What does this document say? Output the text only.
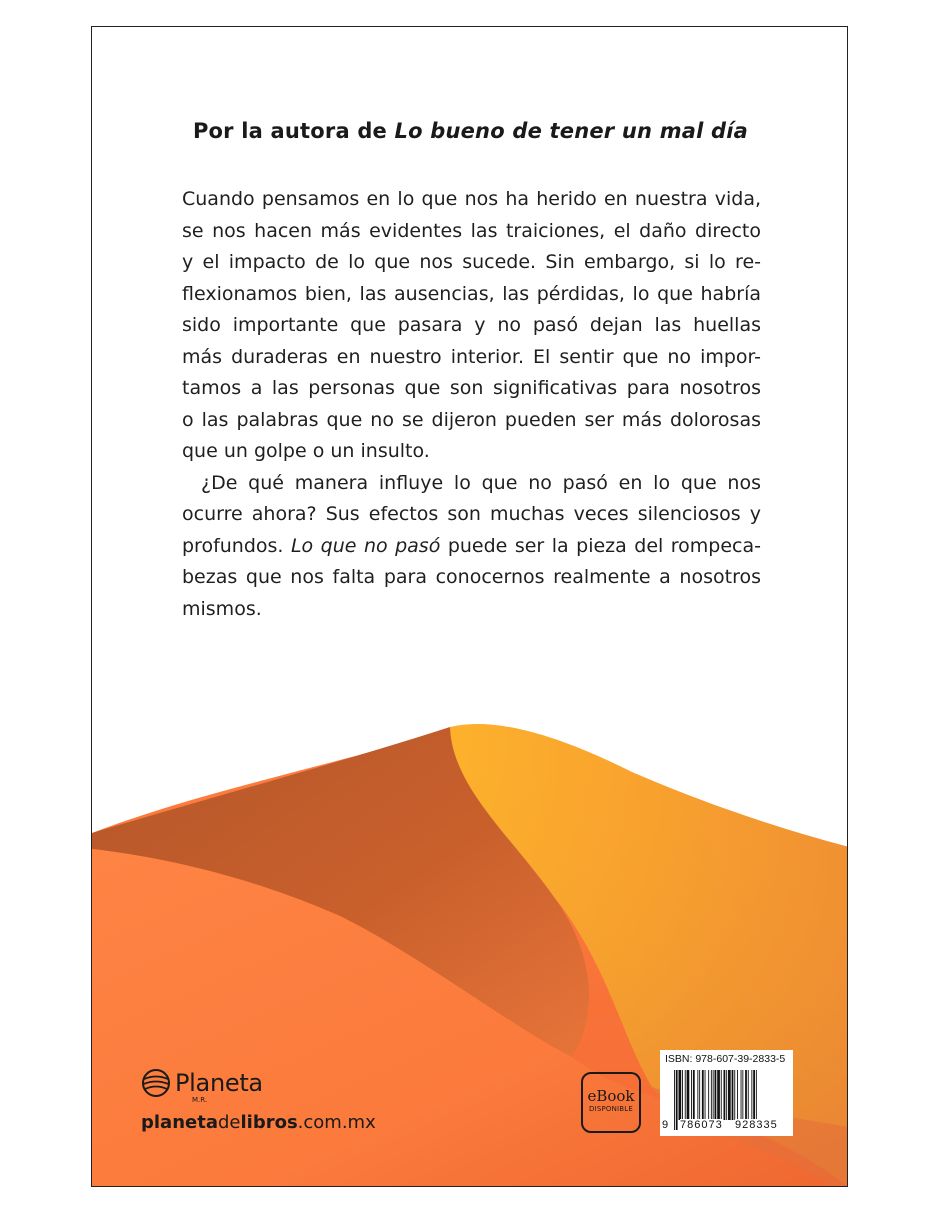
Por la autora de Lo bueno de tener un mal día
Cuando pensamos en lo que nos ha herido en nuestra vida,
se nos hacen más evidentes las traiciones, el daño directo
y el impacto de lo que nos sucede. Sin embargo, si lo re-
flexionamos bien, las ausencias, las pérdidas, lo que habría
sido importante que pasara y no pasó dejan las huellas
más duraderas en nuestro interior. El sentir que no impor-
tamos a las personas que son significativas para nosotros
o las palabras que no se dijeron pueden ser más dolorosas
que un golpe o un insulto.
¿De qué manera influye lo que no pasó en lo que nos
ocurre ahora? Sus efectos son muchas veces silenciosos y
profundos. Lo que no pasó puede ser la pieza del rompeca-
bezas que nos falta para conocernos realmente a nosotros
mismos.
Planeta
M.R.
planetadelibros.com.mx
eBook
DISPONIBLE
ISBN: 978-607-39-2833-5
9 786073 928335
